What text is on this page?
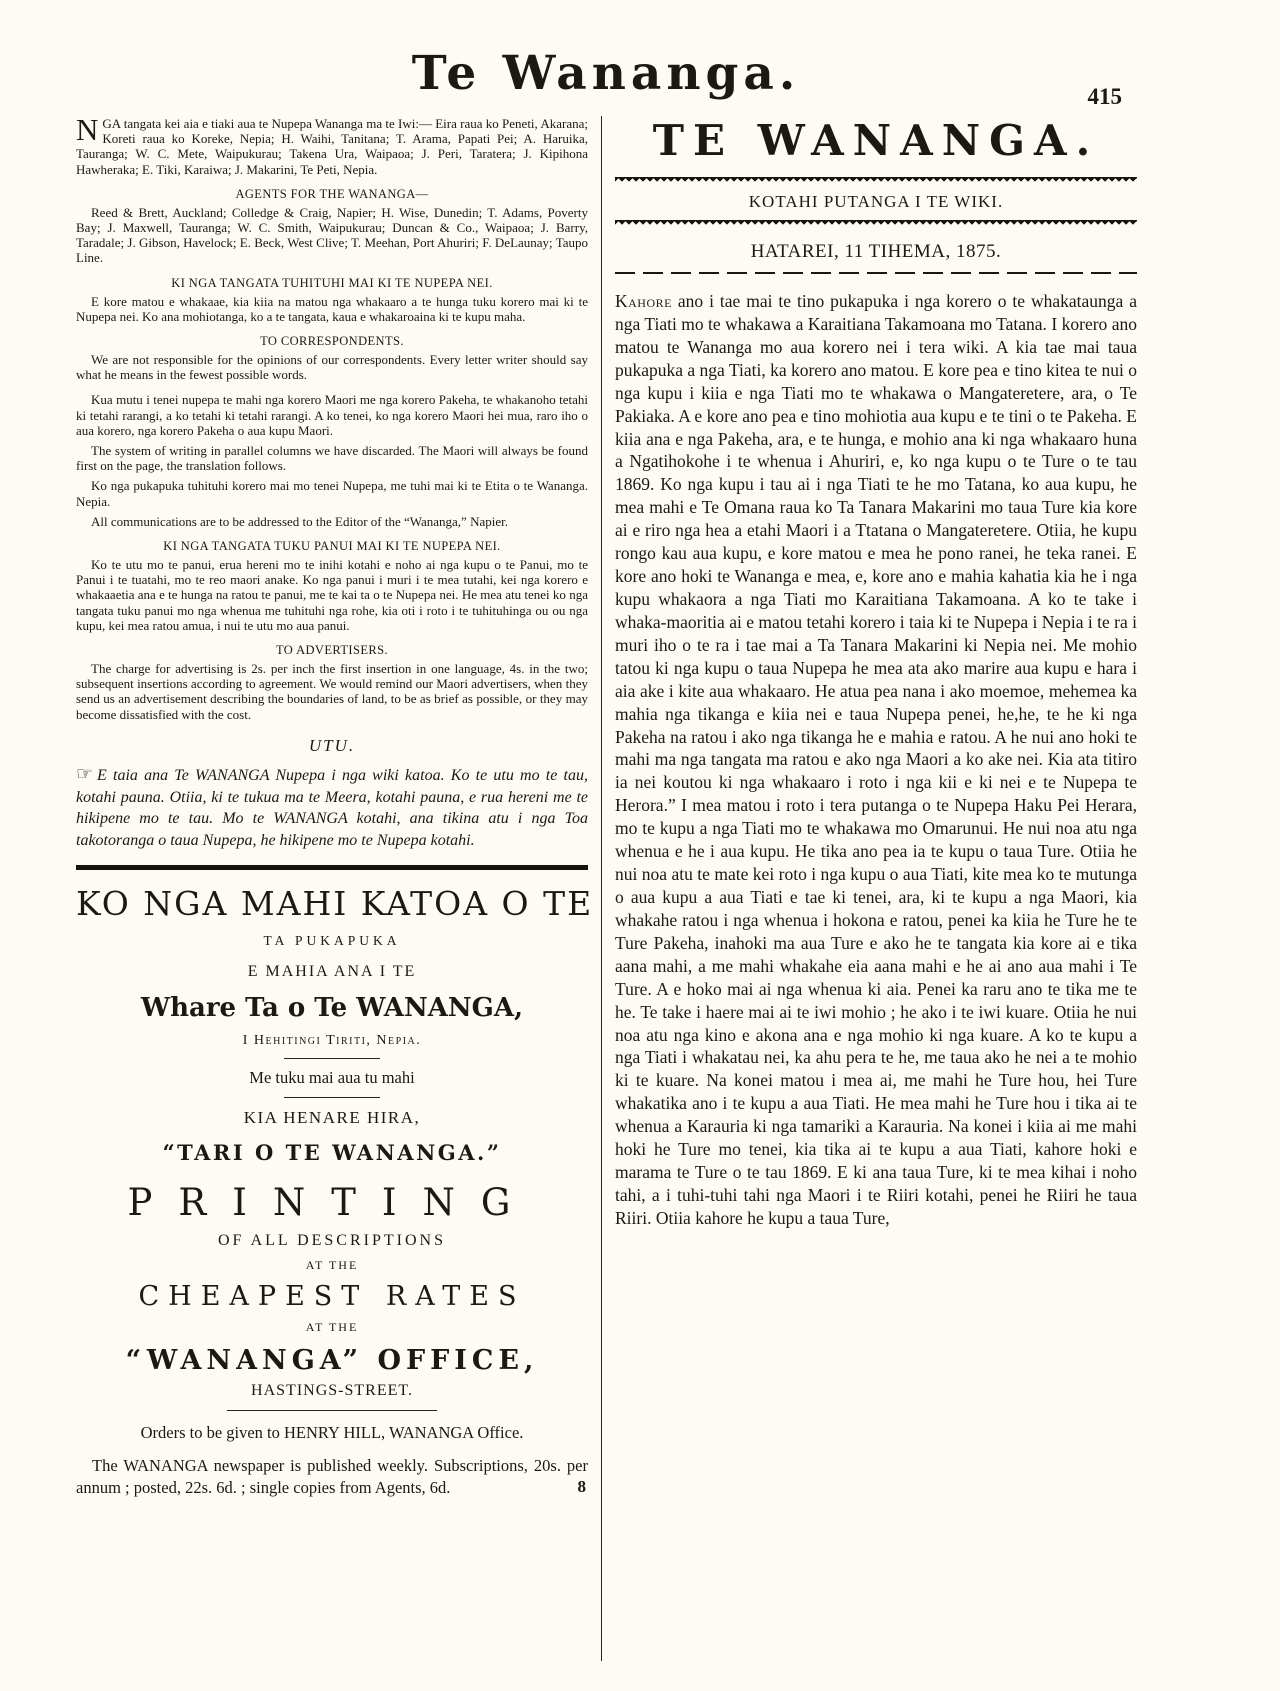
Te Wananga.	415

NGA tangata kei aia e tiaki aua te Nupepa Wananga ma te Iwi:— Eira raua ko Peneti, Akarana; Koreti raua ko Koreke, Nepia; H. Waihi, Tanitana; T. Arama, Papati Pei; A. Haruika, Tauranga; W. C. Mete, Waipukurau; Takena Ura, Waipaoa; J. Peri, Taratera; J. Kipihona Hawheraka; E. Tiki, Karaiwa; J. Makarini, Te Peti, Nepia.

AGENTS FOR THE WANANGA—

Reed & Brett, Auckland; Colledge & Craig, Napier; H. Wise, Dunedin; T. Adams, Poverty Bay; J. Maxwell, Tauranga; W. C. Smith, Waipukurau; Duncan & Co., Waipaoa; J. Barry, Taradale; J. Gibson, Havelock; E. Beck, West Clive; T. Meehan, Port Ahuriri; F. DeLaunay; Taupo Line.

KI NGA TANGATA TUHITUHI MAI KI TE NUPEPA NEI.

E kore matou e whakaae, kia kiia na matou nga whakaaro a te hunga tuku korero mai ki te Nupepa nei. Ko ana mohiotanga, ko a te tangata, kaua e whakaroaina ki te kupu maha.

TO CORRESPONDENTS.

We are not responsible for the opinions of our correspondents. Every letter writer should say what he means in the fewest possible words.

Kua mutu i tenei nupepa te mahi nga korero Maori me nga korero Pakeha, te whakanoho tetahi ki tetahi rarangi, a ko tetahi ki tetahi rarangi. A ko tenei, ko nga korero Maori hei mua, raro iho o aua korero, nga korero Pakeha o aua kupu Maori.

The system of writing in parallel columns we have discarded. The Maori will always be found first on the page, the translation follows.

Ko nga pukapuka tuhituhi korero mai mo tenei Nupepa, me tuhi mai ki te Etita o te Wananga. Nepia.

All communications are to be addressed to the Editor of the “Wananga,” Napier.

KI NGA TANGATA TUKU PANUI MAI KI TE NUPEPA NEI.

Ko te utu mo te panui, erua hereni mo te inihi kotahi e noho ai nga kupu o te Panui, mo te Panui i te tuatahi, mo te reo maori anake. Ko nga panui i muri i te mea tutahi, kei nga korero e whakaaetia ana e te hunga na ratou te panui, me te kai ta o te Nupepa nei. He mea atu tenei ko nga tangata tuku panui mo nga whenua me tuhituhi nga rohe, kia oti i roto i te tuhituhinga ou ou nga kupu, kei mea ratou amua, i nui te utu mo aua panui.

TO ADVERTISERS.

The charge for advertising is 2s. per inch the first insertion in one language, 4s. in the two; subsequent insertions according to agreement. We would remind our Maori advertisers, when they send us an advertisement describing the boundaries of land, to be as brief as possible, or they may become dissatisfied with the cost.

UTU.

☞ E taia ana Te WANANGA Nupepa i nga wiki katoa. Ko te utu mo te tau, kotahi pauna. Otiia, ki te tukua ma te Meera, kotahi pauna, e rua hereni me te hikipene mo te tau. Mo te WANANGA kotahi, ana tikina atu i nga Toa takotoranga o taua Nupepa, he hikipene mo te Nupepa kotahi.

KO NGA MAHI KATOA O TE
TA PUKAPUKA
E MAHIA ANA I TE
Whare Ta o Te WANANGA,
I Hehitingi Tiriti, Nepia.
Me tuku mai aua tu mahi
KIA HENARE HIRA,
“TARI O TE WANANGA.”
PRINTING
OF ALL DESCRIPTIONS
AT THE
CHEAPEST RATES
AT THE
“WANANGA” OFFICE,
HASTINGS-STREET.
Orders to be given to HENRY HILL, WANANGA Office.

The WANANGA newspaper is published weekly. Subscriptions, 20s. per annum ; posted, 22s. 6d. ; single copies from Agents, 6d.	8
TE WANANGA.
KOTAHI PUTANGA I TE WIKI.
HATAREI, 11 TIHEMA, 1875.

Kahore ano i tae mai te tino pukapuka i nga korero o te whakataunga a nga Tiati mo te whakawa a Karaitiana Takamoana mo Tatana. I korero ano matou te Wananga mo aua korero nei i tera wiki. A kia tae mai taua pukapuka a nga Tiati, ka korero ano matou. E kore pea e tino kitea te nui o nga kupu i kiia e nga Tiati mo te whakawa o Mangateretere, ara, o Te Pakiaka. A e kore ano pea e tino mohiotia aua kupu e te tini o te Pakeha. E kiia ana e nga Pakeha, ara, e te hunga, e mohio ana ki nga whakaaro huna a Ngatihokohe i te whenua i Ahuriri, e, ko nga kupu o te Ture o te tau 1869. Ko nga kupu i tau ai i nga Tiati te he mo Tatana, ko aua kupu, he mea mahi e Te Omana raua ko Ta Tanara Makarini mo taua Ture kia kore ai e riro nga hea a etahi Maori i a Ttatana o Mangateretere. Otiia, he kupu rongo kau aua kupu, e kore matou e mea he pono ranei, he teka ranei. E kore ano hoki te Wananga e mea, e, kore ano e mahia kahatia kia he i nga kupu whakaora a nga Tiati mo Karaitiana Takamoana. A ko te take i whaka-maoritia ai e matou tetahi korero i taia ki te Nupepa i Nepia i te ra i muri iho o te ra i tae mai a Ta Tanara Makarini ki Nepia nei. Me mohio tatou ki nga kupu o taua Nupepa he mea ata ako marire aua kupu e hara i aia ake i kite aua whakaaro. He atua pea nana i ako moemoe, mehemea ka mahia nga tikanga e kiia nei e taua Nupepa penei, he,he, te he ki nga Pakeha na ratou i ako nga tikanga he e mahia e ratou. A he nui ano hoki te mahi ma nga tangata ma ratou e ako nga Maori a ko ake nei. Kia ata titiro ia nei koutou ki nga whakaaro i roto i nga kii e ki nei e te Nupepa te Herora.” I mea matou i roto i tera putanga o te Nupepa Haku Pei Herara, mo te kupu a nga Tiati mo te whakawa mo Omarunui. He nui noa atu nga whenua e he i aua kupu. He tika ano pea ia te kupu o taua Ture. Otiia he nui noa atu te mate kei roto i nga kupu o aua Tiati, kite mea ko te mutunga o aua kupu a aua Tiati e tae ki tenei, ara, ki te kupu a nga Maori, kia whakahe ratou i nga whenua i hokona e ratou, penei ka kiia he Ture he te Ture Pakeha, inahoki ma aua Ture e ako he te tangata kia kore ai e tika aana mahi, a me mahi whakahe eia aana mahi e he ai ano aua mahi i Te Ture. A e hoko mai ai nga whenua ki aia. Penei ka raru ano te tika me te he. Te take i haere mai ai te iwi mohio ; he ako i te iwi kuare. Otiia he nui noa atu nga kino e akona ana e nga mohio ki nga kuare. A ko te kupu a nga Tiati i whakatau nei, ka ahu pera te he, me taua ako he nei a te mohio ki te kuare. Na konei matou i mea ai, me mahi he Ture hou, hei Ture whakatika ano i te kupu a aua Tiati. He mea mahi he Ture hou i tika ai te whenua a Karauria ki nga tamariki a Karauria. Na konei i kiia ai me mahi hoki he Ture mo tenei, kia tika ai te kupu a aua Tiati, kahore hoki e marama te Ture o te tau 1869. E ki ana taua Ture, ki te mea kihai i noho tahi, a i tuhi-tuhi tahi nga Maori i te Riiri kotahi, penei he Riiri he taua Riiri. Otiia kahore he kupu a taua Ture,
